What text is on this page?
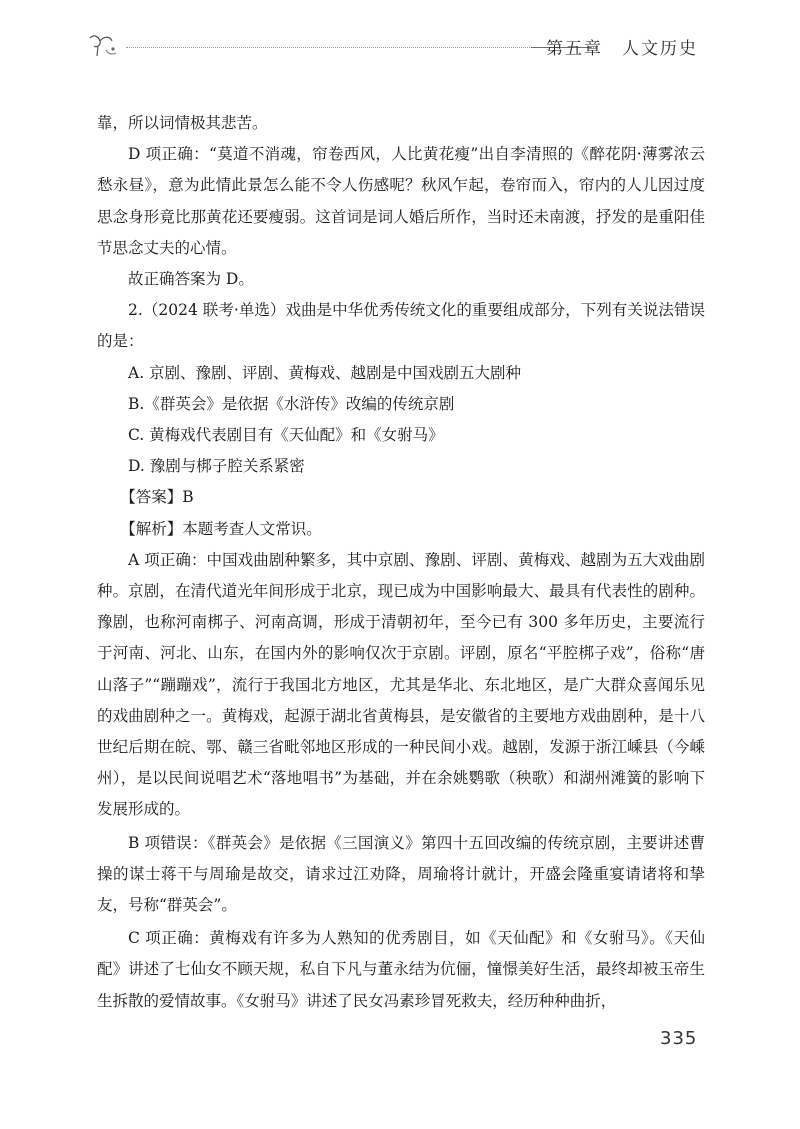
第五章　人文历史

靠，所以词情极其悲苦。

D 项正确：“莫道不消魂，帘卷西风，人比黄花瘦”出自李清照的《醉花阴·薄雾浓云愁永昼》，意为此情此景怎么能不令人伤感呢？秋风乍起，卷帘而入，帘内的人儿因过度思念身形竟比那黄花还要瘦弱。这首词是词人婚后所作，当时还未南渡，抒发的是重阳佳节思念丈夫的心情。

故正确答案为 D。

2.（2024 联考·单选）戏曲是中华优秀传统文化的重要组成部分，下列有关说法错误的是：

A. 京剧、豫剧、评剧、黄梅戏、越剧是中国戏剧五大剧种

B.《群英会》是依据《水浒传》改编的传统京剧

C. 黄梅戏代表剧目有《天仙配》和《女驸马》

D. 豫剧与梆子腔关系紧密

【答案】B

【解析】本题考查人文常识。

A 项正确：中国戏曲剧种繁多，其中京剧、豫剧、评剧、黄梅戏、越剧为五大戏曲剧种。京剧，在清代道光年间形成于北京，现已成为中国影响最大、最具有代表性的剧种。豫剧，也称河南梆子、河南高调，形成于清朝初年，至今已有 300 多年历史，主要流行于河南、河北、山东，在国内外的影响仅次于京剧。评剧，原名“平腔梆子戏”，俗称“唐山落子”“蹦蹦戏”，流行于我国北方地区，尤其是华北、东北地区，是广大群众喜闻乐见的戏曲剧种之一。黄梅戏，起源于湖北省黄梅县，是安徽省的主要地方戏曲剧种，是十八世纪后期在皖、鄂、赣三省毗邻地区形成的一种民间小戏。越剧，发源于浙江嵊县（今嵊州），是以民间说唱艺术“落地唱书”为基础，并在余姚鹦歌（秧歌）和湖州滩簧的影响下发展形成的。

B 项错误：《群英会》是依据《三国演义》第四十五回改编的传统京剧，主要讲述曹操的谋士蒋干与周瑜是故交，请求过江劝降，周瑜将计就计，开盛会隆重宴请诸将和挚友，号称“群英会”。

C 项正确：黄梅戏有许多为人熟知的优秀剧目，如《天仙配》和《女驸马》。《天仙配》讲述了七仙女不顾天规，私自下凡与董永结为伉俪，憧憬美好生活，最终却被玉帝生生拆散的爱情故事。《女驸马》讲述了民女冯素珍冒死救夫，经历种种曲折，

335
